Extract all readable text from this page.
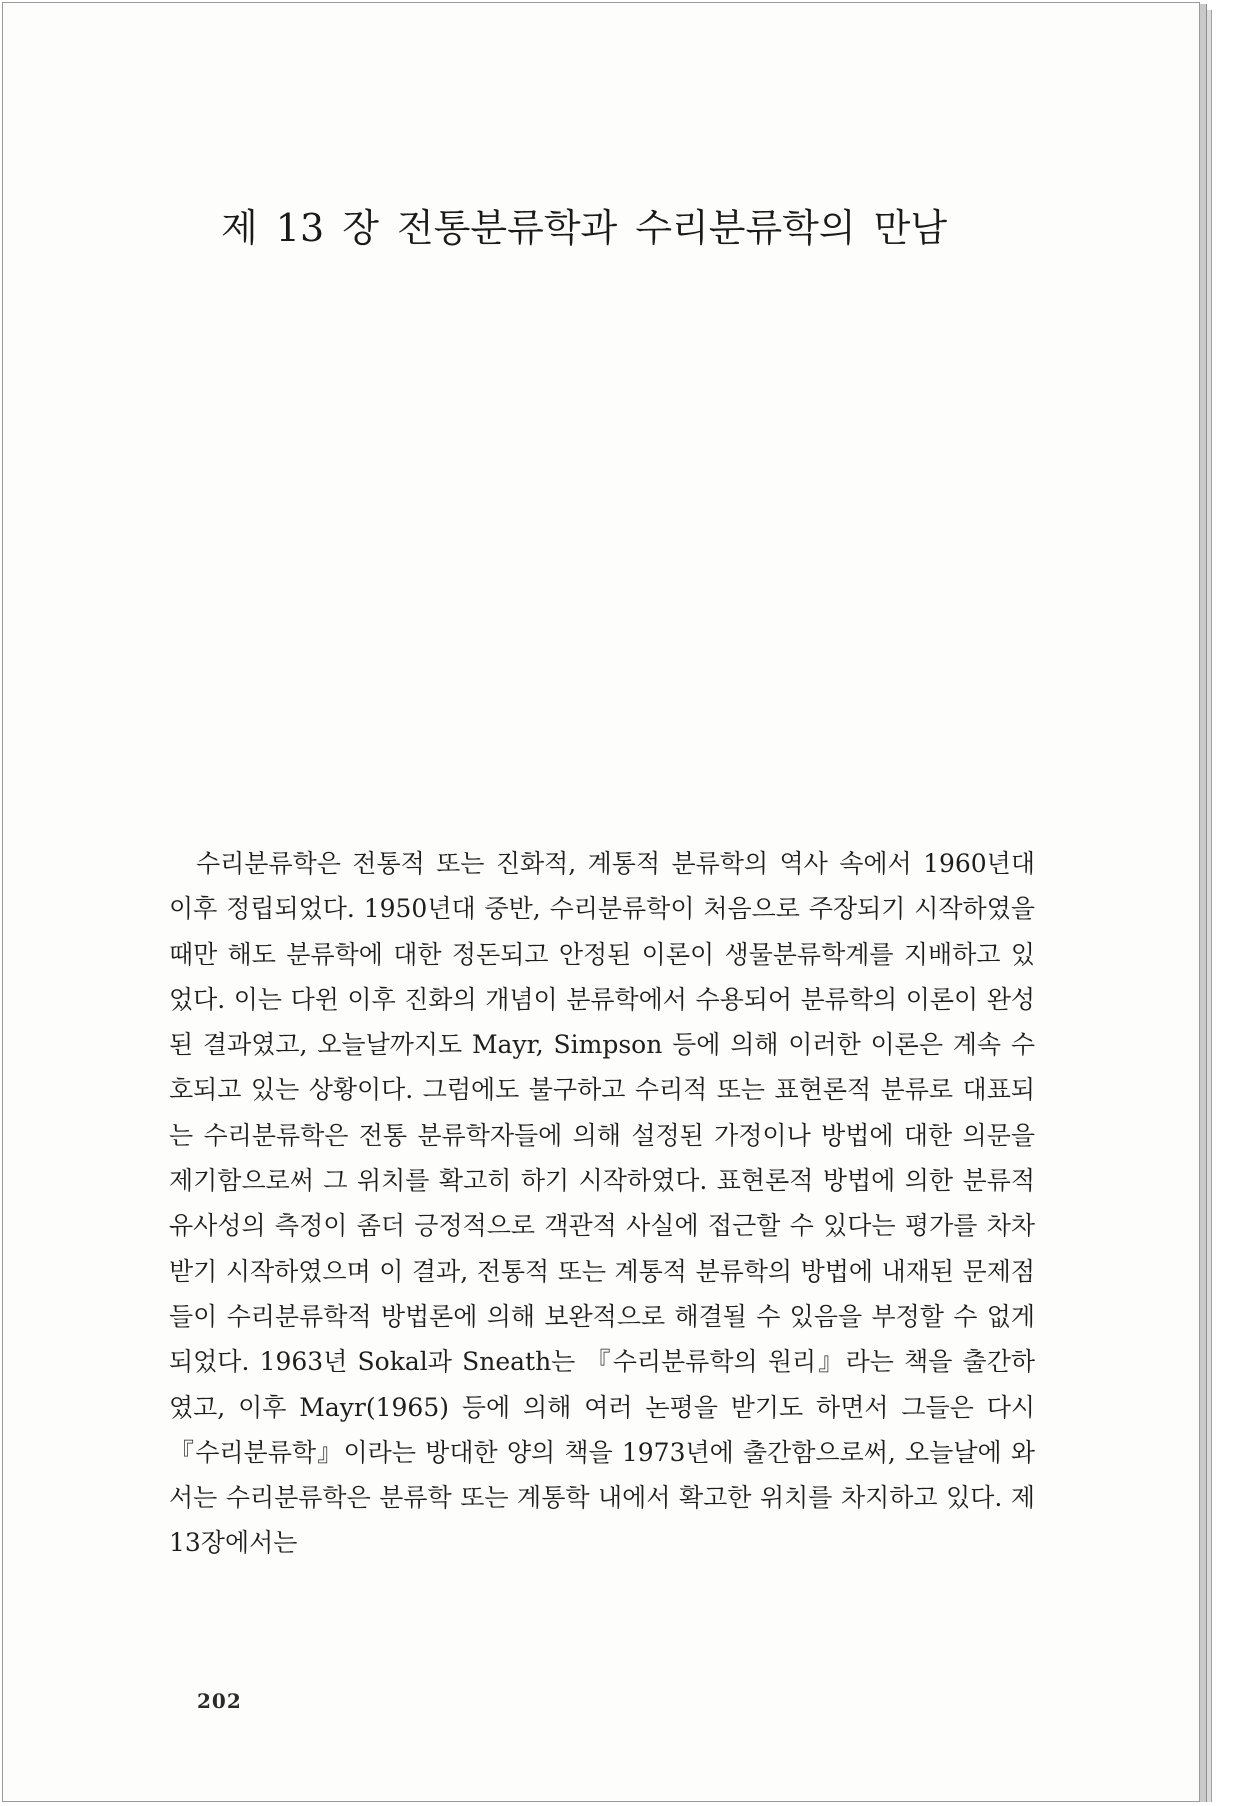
제 13 장 전통분류학과 수리분류학의 만남

수리분류학은 전통적 또는 진화적, 계통적 분류학의 역사 속에서 1960년대 이후 정립되었다. 1950년대 중반, 수리분류학이 처음으로 주장되기 시작하였을 때만 해도 분류학에 대한 정돈되고 안정된 이론이 생물분류학계를 지배하고 있었다. 이는 다윈 이후 진화의 개념이 분류학에서 수용되어 분류학의 이론이 완성된 결과였고, 오늘날까지도 Mayr, Simpson 등에 의해 이러한 이론은 계속 수호되고 있는 상황이다. 그럼에도 불구하고 수리적 또는 표현론적 분류로 대표되는 수리분류학은 전통 분류학자들에 의해 설정된 가정이나 방법에 대한 의문을 제기함으로써 그 위치를 확고히 하기 시작하였다. 표현론적 방법에 의한 분류적 유사성의 측정이 좀더 긍정적으로 객관적 사실에 접근할 수 있다는 평가를 차차 받기 시작하였으며 이 결과, 전통적 또는 계통적 분류학의 방법에 내재된 문제점들이 수리분류학적 방법론에 의해 보완적으로 해결될 수 있음을 부정할 수 없게 되었다. 1963년 Sokal과 Sneath는 『수리분류학의 원리』라는 책을 출간하였고, 이후 Mayr(1965) 등에 의해 여러 논평을 받기도 하면서 그들은 다시 『수리분류학』이라는 방대한 양의 책을 1973년에 출간함으로써, 오늘날에 와서는 수리분류학은 분류학 또는 계통학 내에서 확고한 위치를 차지하고 있다. 제 13장에서는

202
